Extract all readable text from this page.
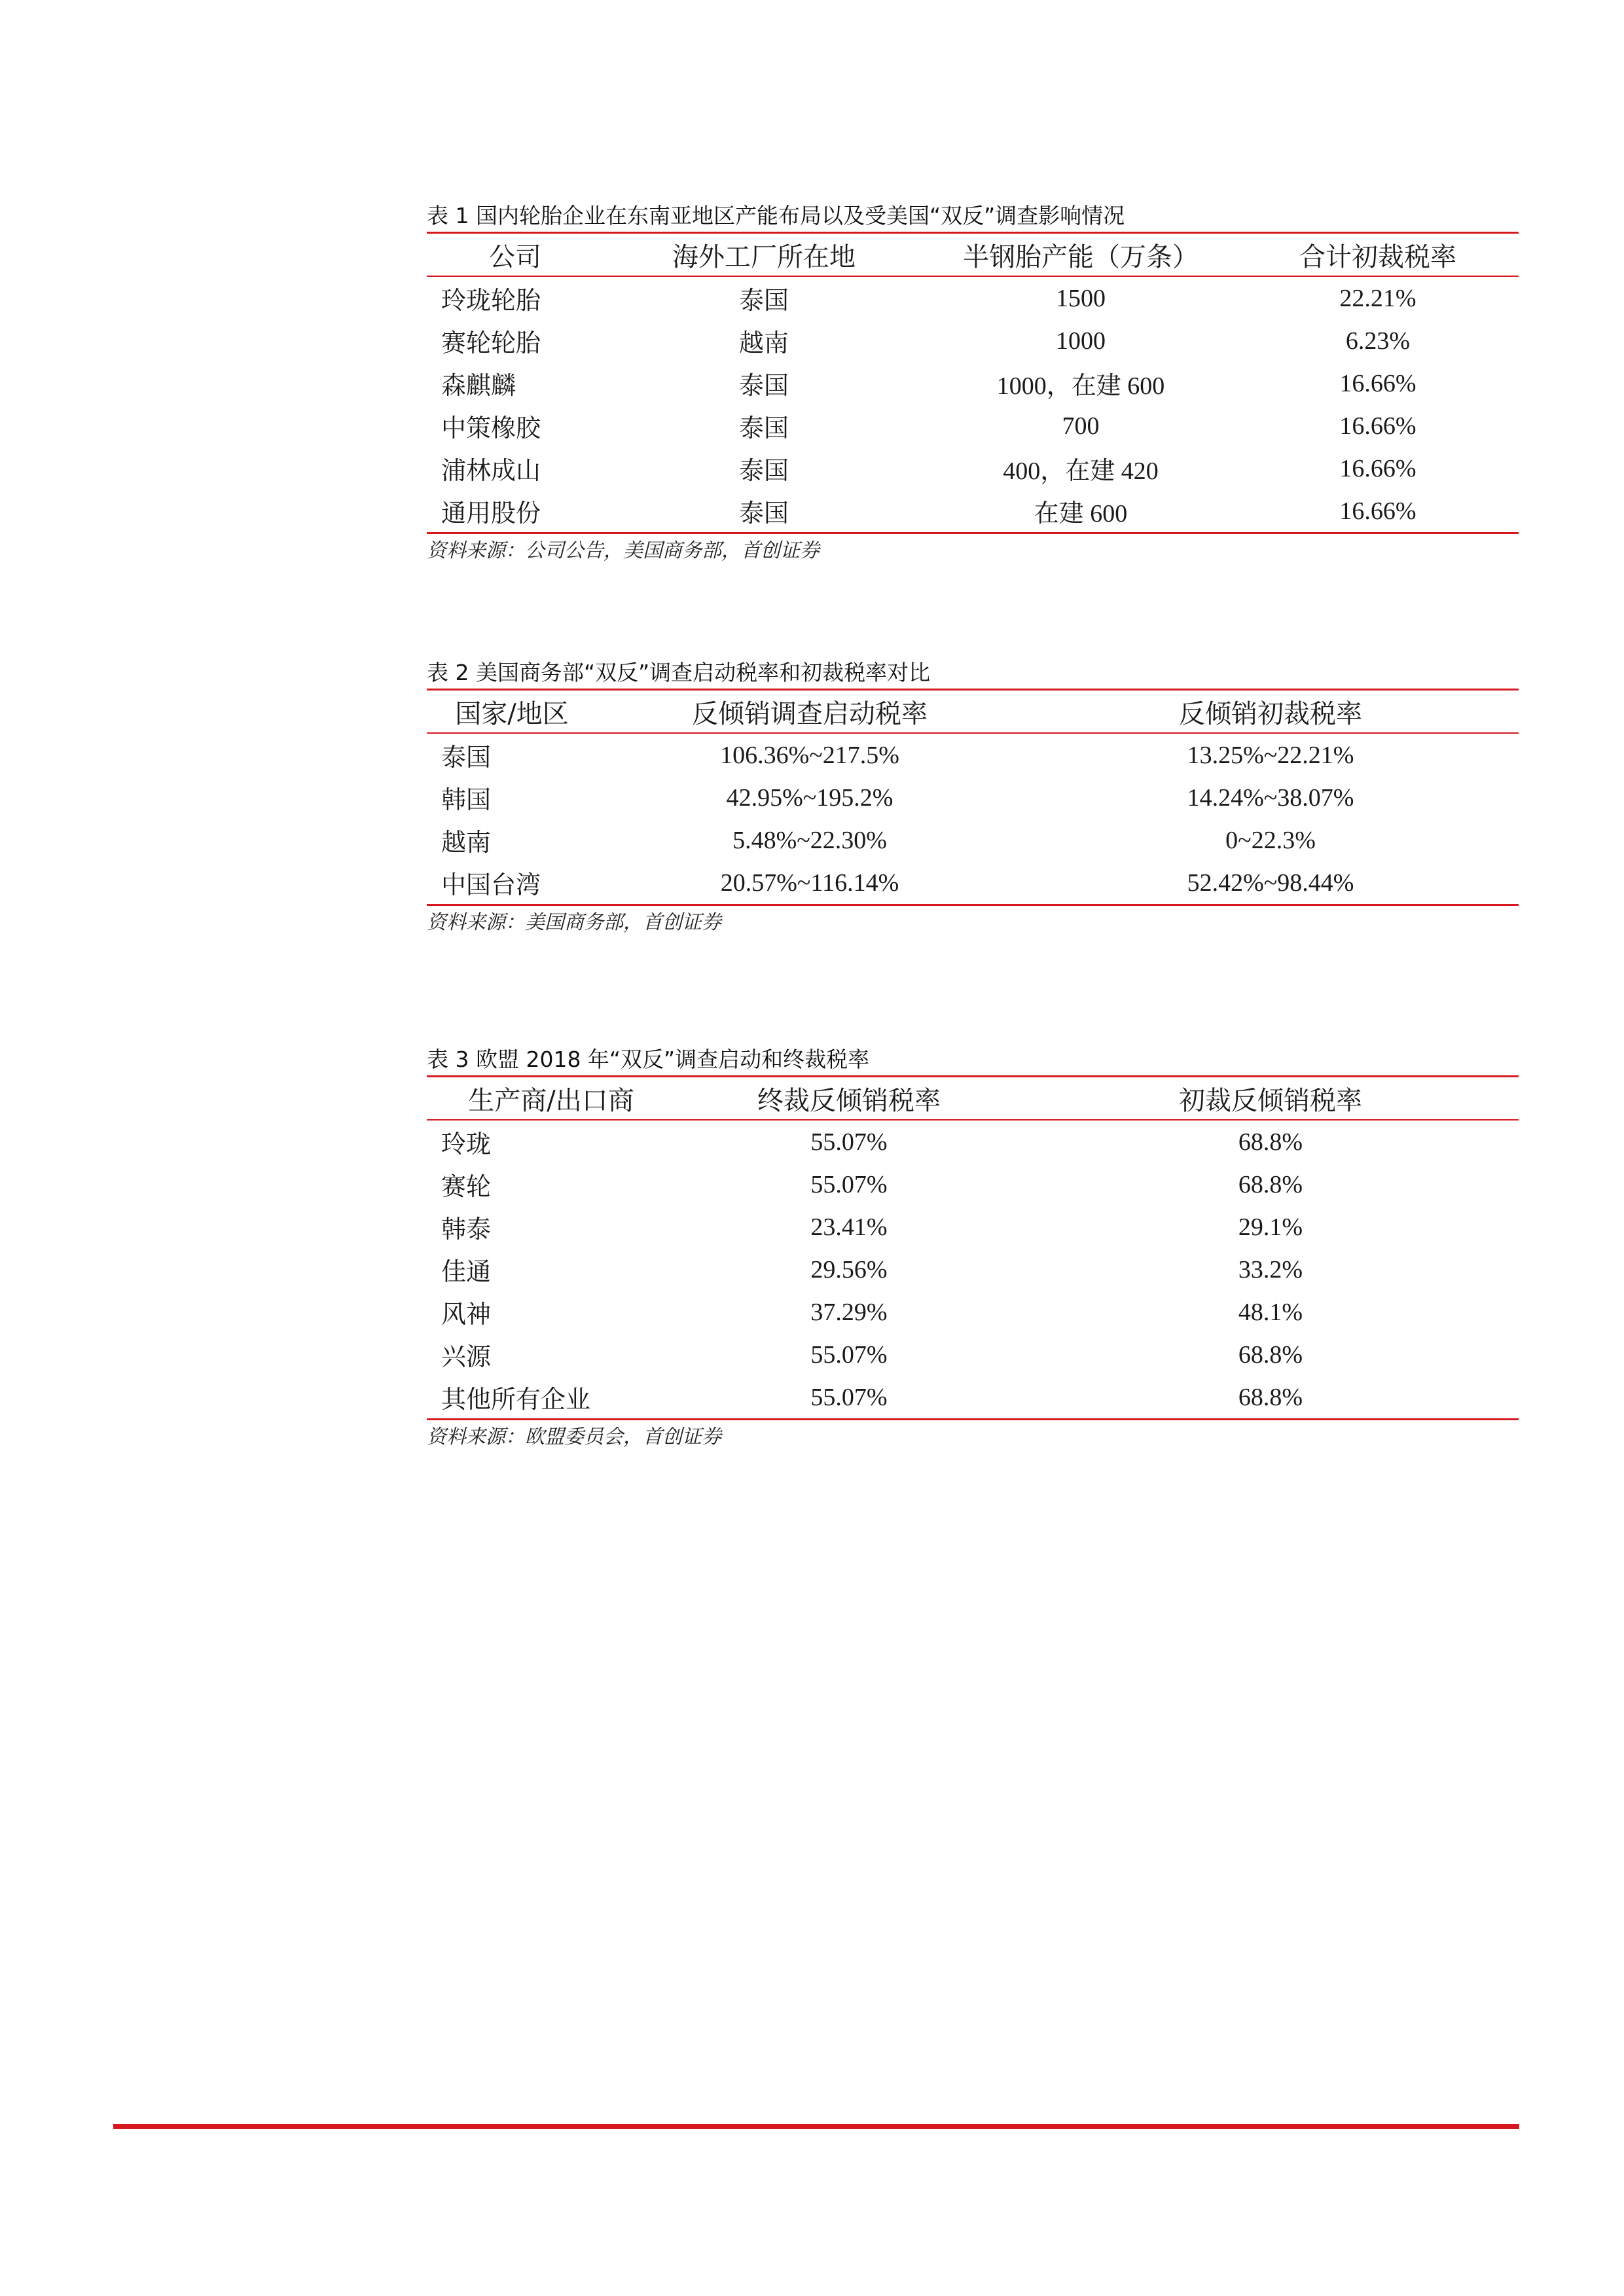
表 1 国内轮胎企业在东南亚地区产能布局以及受美国“双反”调查影响情况
公司	海外工厂所在地	半钢胎产能（万条）	合计初裁税率
玲珑轮胎	泰国	1500	22.21%
赛轮轮胎	越南	1000	6.23%
森麒麟	泰国	1000，在建 600	16.66%
中策橡胶	泰国	700	16.66%
浦林成山	泰国	400，在建 420	16.66%
通用股份	泰国	在建 600	16.66%
资料来源：公司公告，美国商务部，首创证券
表 2 美国商务部“双反”调查启动税率和初裁税率对比
国家/地区	反倾销调查启动税率	反倾销初裁税率
泰国	106.36%~217.5%	13.25%~22.21%
韩国	42.95%~195.2%	14.24%~38.07%
越南	5.48%~22.30%	0~22.3%
中国台湾	20.57%~116.14%	52.42%~98.44%
资料来源：美国商务部，首创证券
表 3 欧盟 2018 年“双反”调查启动和终裁税率
生产商/出口商	终裁反倾销税率	初裁反倾销税率
玲珑	55.07%	68.8%
赛轮	55.07%	68.8%
韩泰	23.41%	29.1%
佳通	29.56%	33.2%
风神	37.29%	48.1%
兴源	55.07%	68.8%
其他所有企业	55.07%	68.8%
资料来源：欧盟委员会，首创证券
